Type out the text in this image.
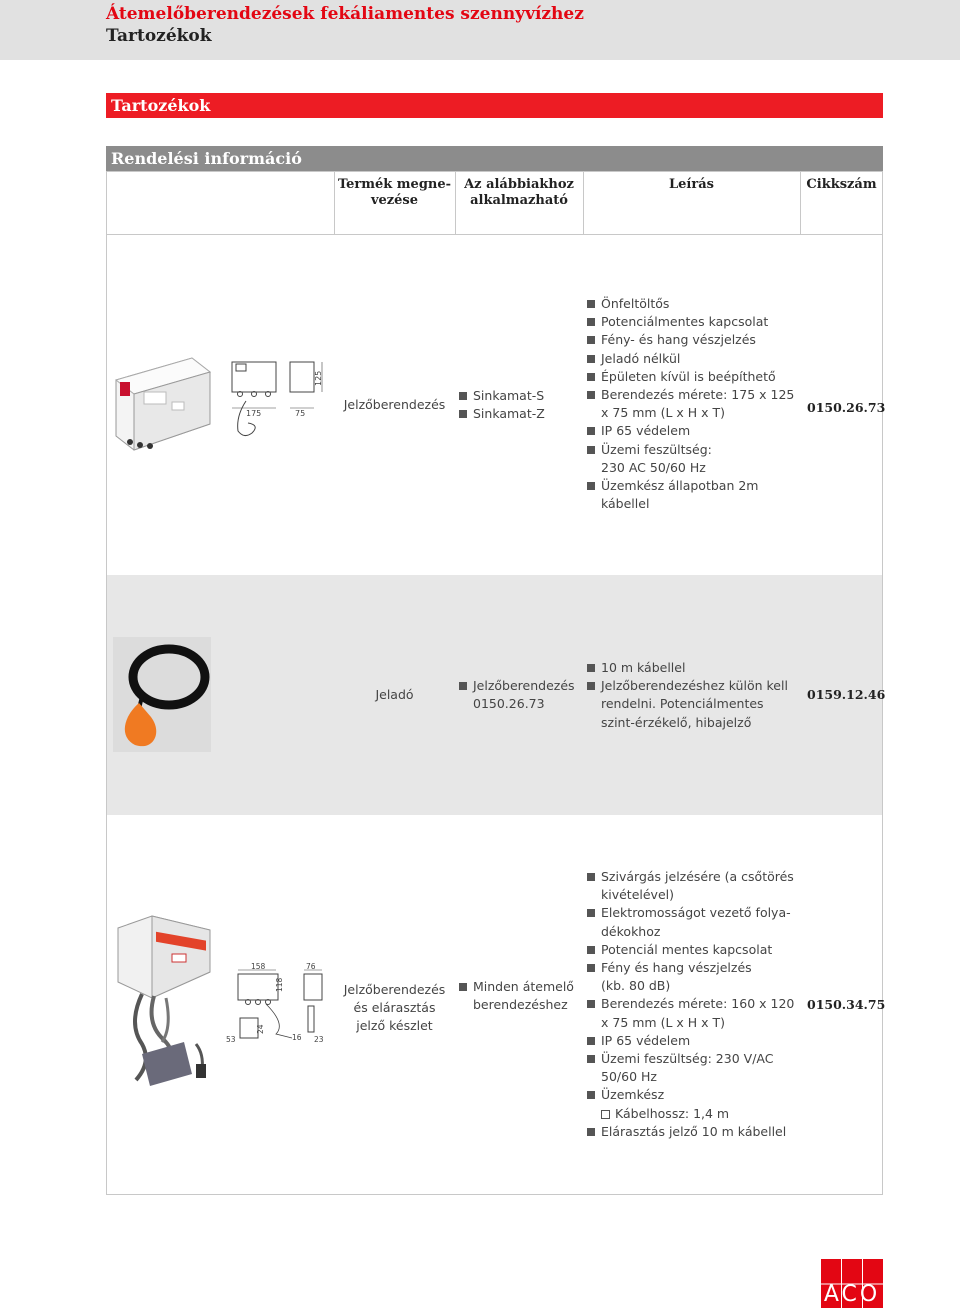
Átemelőberendezések fekáliamentes szennyvízhez
Tartozékok
Tartozékok
Rendelési információ
Termék megne-
vezése
Az alábbiakhoz
alkalmazható
Leírás	Cikkszám
175	75
125
Jelzőberendezés
Sinkamat-S
Sinkamat-Z
Önfeltöltős
Potenciálmentes kapcsolat
Fény- és hang vészjelzés
Jeladó nélkül
Épületen kívül is beépíthető
Berendezés mérete: 175 x 125 x 75 mm (L x H x T)
IP 65 védelem
Üzemi feszültség: 230 AC 50/60 Hz
Üzemkész állapotban 2m kábellel
0150.26.73
Jeladó
Jelzőberendezés 0150.26.73
10 m kábellel
Jelzőberendezéshez külön kell rendelni. Potenciálmentes szint-érzékelő, hibajelző
0159.12.46
158
118
76
53
24
16 23
Jelzőberendezés és elárasztás jelző készlet
Minden átemelő berendezéshez
Szivárgás jelzésére (a csőtörés kivételével)
Elektromosságot vezető folya-dékokhoz
Potenciál mentes kapcsolat
Fény és hang vészjelzés (kb. 80 dB)
Berendezés mérete: 160 x 120 x 75 mm (L x H x T)
IP 65 védelem
Üzemi feszültség: 230 V/AC 50/60 Hz
Üzemkész
Kábelhossz: 1,4 m
Elárasztás jelző 10 m kábellel
0150.34.75
ACO
